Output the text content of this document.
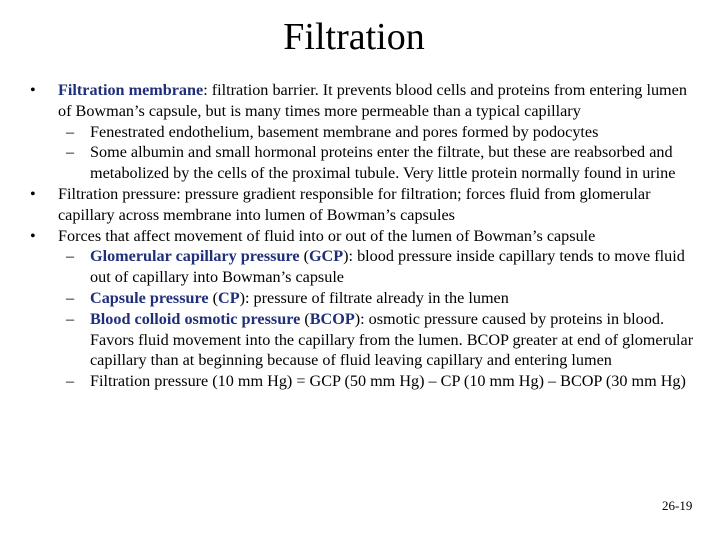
Filtration
• Filtration membrane: filtration barrier. It prevents blood cells and proteins from entering lumen of Bowman’s capsule, but is many times more permeable than a typical capillary
– Fenestrated endothelium, basement membrane and pores formed by podocytes
– Some albumin and small hormonal proteins enter the filtrate, but these are reabsorbed and metabolized by the cells of the proximal tubule. Very little protein normally found in urine
• Filtration pressure: pressure gradient responsible for filtration; forces fluid from glomerular capillary across membrane into lumen of Bowman’s capsules
• Forces that affect movement of fluid into or out of the lumen of Bowman’s capsule
– Glomerular capillary pressure (GCP): blood pressure inside capillary tends to move fluid out of capillary into Bowman’s capsule
– Capsule pressure (CP): pressure of filtrate already in the lumen
– Blood colloid osmotic pressure (BCOP): osmotic pressure caused by proteins in blood. Favors fluid movement into the capillary from the lumen. BCOP greater at end of glomerular capillary than at beginning because of fluid leaving capillary and entering lumen
– Filtration pressure (10 mm Hg) = GCP (50 mm Hg) – CP (10 mm Hg) – BCOP (30 mm Hg)
26-19
